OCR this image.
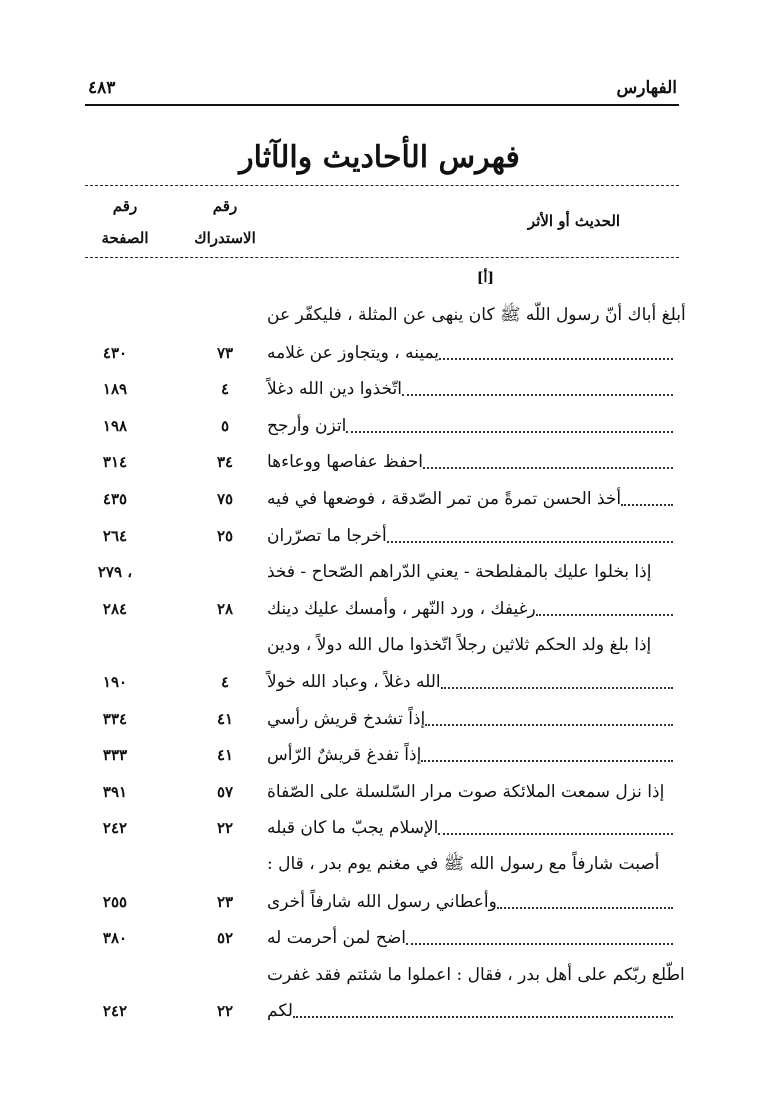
الفهارس
٤٨٣
فهرس الأحاديث والآثار
الحديث أو الأثر
رقم
الاستدراك
رقم
الصفحة
[أ]
أبلغ أباك أنّ رسول اللّه ﷺ كان ينهى عن المثلة ، فليكفّر عن
يمينه ، ويتجاوز عن غلامه
٧٣
٤٣٠
اتّخذوا دين الله دغلاً
٤
١٨٩
اتزن وأرجح
٥
١٩٨
احفظ عفاصها ووعاءها
٣٤
٣١٤
أخذ الحسن تمرةً من تمر الصّدقة ، فوضعها في فيه
٧٥
٤٣٥
أخرجا ما تصرّران
٢٥
٢٦٤
إذا بخلوا عليك بالمفلطحة - يعني الدّراهم الصّحاح - فخذ
٢٧٩ ،
رغيفك ، ورد النّهر ، وأمسك عليك دينك
٢٨
٢٨٤
إذا بلغ ولد الحكم ثلاثين رجلاً اتّخذوا مال الله دولاً ، ودين
الله دغلاً ، وعباد الله خولاً
٤
١٩٠
إذاً تشدخ قريش رأسي
٤١
٣٣٤
إذاً تفدغ قريشٌ الرّأس
٤١
٣٣٣
إذا نزل سمعت الملائكة صوت مرار السّلسلة على الصّفاة
٥٧
٣٩١
الإسلام يجبّ ما كان قبله
٢٢
٢٤٢
أصبت شارفاً مع رسول الله ﷺ في مغنم يوم بدر ، قال :
وأعطاني رسول الله شارفاً أخرى
٢٣
٢٥٥
اضح لمن أحرمت له
٥٢
٣٨٠
اطّلع ربّكم على أهل بدر ، فقال : اعملوا ما شئتم فقد غفرت
لكم
٢٢
٢٤٢
